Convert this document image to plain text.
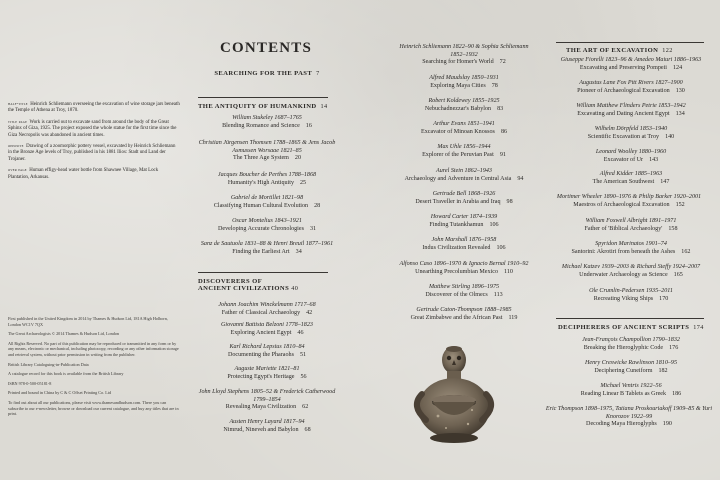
half-title Heinrich Schliemann overseeing the excavation of wine storage jars beneath the Temple of Athena at Troy, 1870.

title page Work is carried out to excavate sand from around the body of the Great Sphinx of Giza, 1925. The project exposed the whole statue for the first time since the Giza Necropolis was abandoned in ancient times.

opposite Drawing of a zoomorphic pottery vessel, excavated by Heinrich Schliemann in the Bronze Age levels of Troy, published in his 1881 Ilios: Stadt und Land der Trojaner.

over page Human effigy-head water bottle from Shawnee Village, Mat Lock Plantation, Arkansas.

First published in the United Kingdom in 2014 by Thames & Hudson Ltd, 181A High Holborn, London WC1V 7QX

The Great Archaeologists © 2014 Thames & Hudson Ltd, London

All Rights Reserved. No part of this publication may be reproduced or transmitted in any form or by any means, electronic or mechanical, including photocopy, recording or any other information storage and retrieval system, without prior permission in writing from the publisher.

British Library Cataloguing-in-Publication Data

A catalogue record for this book is available from the British Library

ISBN 978-0-500-05181-8

Printed and bound in China by C & C Offset Printing Co. Ltd

To find out about all our publications, please visit www.thamesandhudson.com. There you can subscribe to our e-newsletter, browse or download our current catalogue, and buy any titles that are in print.

CONTENTS
SEARCHING FOR THE PAST 7
THE ANTIQUITY OF HUMANKIND 14
William Stukeley 1687–1765
Blending Romance and Science 16
Christian Jürgensen Thomsen 1788–1865 & Jens Jacob Asmussen Worsaae 1821–85
The Three Age System 20
Jacques Boucher de Perthes 1788–1868
Humanity's High Antiquity 25
Gabriel de Mortillet 1821–98
Classifying Human Cultural Evolution 28
Oscar Montelius 1843–1921
Developing Accurate Chronologies 31
Sanz de Sautuola 1831–88 & Henri Breuil 1877–1961
Finding the Earliest Art 34
DISCOVERERS OF
ANCIENT CIVILIZATIONS 40
Johann Joachim Winckelmann 1717–68
Father of Classical Archaeology 42
Giovanni Battista Belzoni 1778–1823
Exploring Ancient Egypt 46
Karl Richard Lepsius 1810–84
Documenting the Pharaohs 51
Auguste Mariette 1821–81
Protecting Egypt's Heritage 56
John Lloyd Stephens 1805–52 & Frederick Catherwood 1799–1854
Revealing Maya Civilization 62
Austen Henry Layard 1817–94
Nimrud, Nineveh and Babylon 68
Heinrich Schliemann 1822–90 & Sophia Schliemann 1852–1932
Searching for Homer's World 72
Alfred Maudslay 1850–1931
Exploring Maya Cities 78
Robert Koldewey 1855–1925
Nebuchadnezzar's Babylon 83
Arthur Evans 1851–1941
Excavator of Minoan Knossos 86
Max Uhle 1856–1944
Explorer of the Peruvian Past 91
Aurel Stein 1862–1943
Archaeology and Adventure in Central Asia 94
Gertrude Bell 1868–1926
Desert Traveller in Arabia and Iraq 98
Howard Carter 1874–1939
Finding Tutankhamun 106
John Marshall 1876–1958
Indus Civilization Revealed 106
Alfonso Caso 1896–1970 & Ignacio Bernal 1910–92
Unearthing Precolumbian Mexico 110
Matthew Stirling 1896–1975
Discoverer of the Olmecs 113
Gertrude Caton-Thompson 1888–1985
Great Zimbabwe and the African Past 119
THE ART OF EXCAVATION 122
Giuseppe Fiorelli 1823–96 & Amedeo Maiuri 1886–1963
Excavating and Preserving Pompeii 124
Augustus Lane Fox Pitt Rivers 1827–1900
Pioneer of Archaeological Excavation 130
William Matthew Flinders Petrie 1853–1942
Excavating and Dating Ancient Egypt 134
Wilhelm Dörpfeld 1853–1940
Scientific Excavation at Troy 140
Leonard Woolley 1880–1960
Excavator of Ur 143
Alfred Kidder 1885–1963
The American Southwest 147
Mortimer Wheeler 1890–1976 & Philip Barker 1920–2001
Maestros of Archaeological Excavation 152
William Foxwell Albright 1891–1971
Father of 'Biblical Archaeology' 158
Spyridon Marinatos 1901–74
Santorini: Akrotiri from beneath the Ashes 162
Michael Katzev 1939–2003 & Richard Steffy 1924–2007
Underwater Archaeology as Science 165
Ole Crumlin-Pedersen 1935–2011
Recreating Viking Ships 170
DECIPHERERS OF ANCIENT SCRIPTS 174
Jean-François Champollion 1790–1832
Breaking the Hieroglyphic Code 176
Henry Creswicke Rawlinson 1810–95
Deciphering Cuneiform 182
Michael Ventris 1922–56
Reading Linear B Tablets as Greek 186
Eric Thompson 1898–1975, Tatiana Proskouriakoff 1909–85 & Yuri Knorozov 1922–99
Decoding Maya Hieroglyphs 190
